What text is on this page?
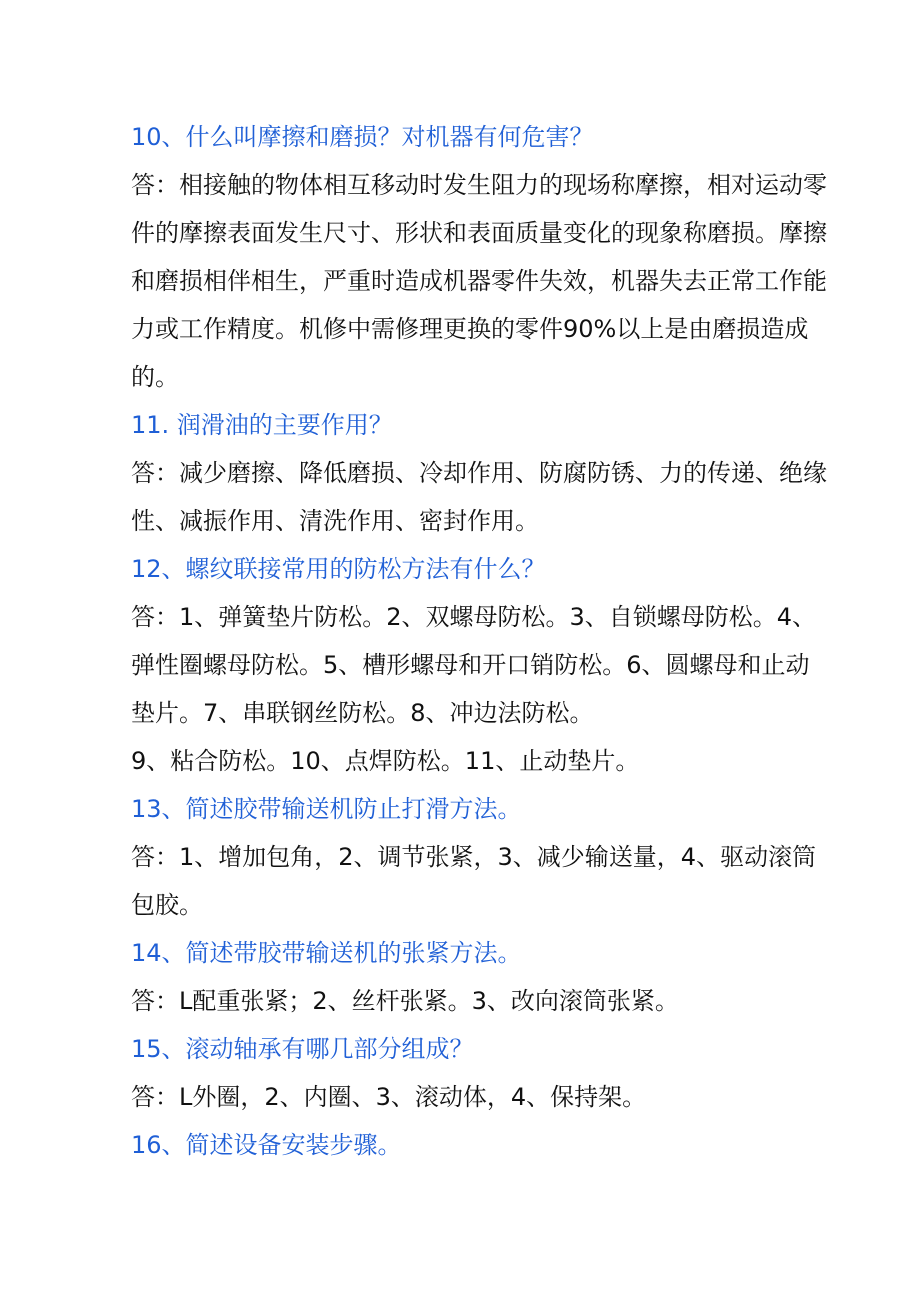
10、什么叫摩擦和磨损？对机器有何危害？

答：相接触的物体相互移动时发生阻力的现场称摩擦，相对运动零件的摩擦表面发生尺寸、形状和表面质量变化的现象称磨损。摩擦和磨损相伴相生，严重时造成机器零件失效，机器失去正常工作能力或工作精度。机修中需修理更换的零件90%以上是由磨损造成的。

11. 润滑油的主要作用？

答：减少磨擦、降低磨损、冷却作用、防腐防锈、力的传递、绝缘性、减振作用、清洗作用、密封作用。

12、螺纹联接常用的防松方法有什么？

答：1、弹簧垫片防松。2、双螺母防松。3、自锁螺母防松。4、弹性圈螺母防松。5、槽形螺母和开口销防松。6、圆螺母和止动垫片。7、串联钢丝防松。8、冲边法防松。

9、粘合防松。10、点焊防松。11、止动垫片。

13、简述胶带输送机防止打滑方法。

答：1、增加包角，2、调节张紧，3、减少输送量，4、驱动滚筒包胶。

14、简述带胶带输送机的张紧方法。

答：L配重张紧；2、丝杆张紧。3、改向滚筒张紧。

15、滚动轴承有哪几部分组成？

答：L外圈，2、内圈、3、滚动体，4、保持架。

16、简述设备安装步骤。
